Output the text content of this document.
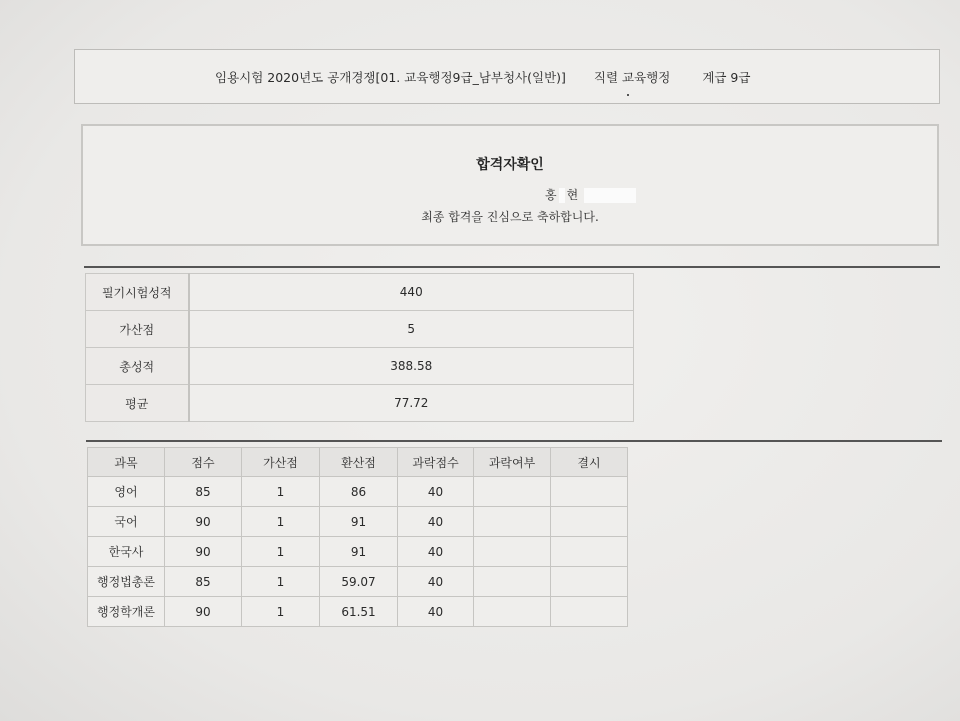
임용시험 2020년도 공개경쟁[01. 교육행정9급_남부청사(일반)] 직렬 교육행정	계급 9급
합격자확인
홍 현
최종 합격을 진심으로 축하합니다.
필기시험성적	440
가산점	5
총성적	388.58
평균	77.72
과목	점수	가산점	환산점	과락점수	과락여부	결시
영어	85	1	86	40		
국어	90	1	91	40		
한국사	90	1	91	40		
행정법총론	85	1	59.07	40		
행정학개론	90	1	61.51	40		
